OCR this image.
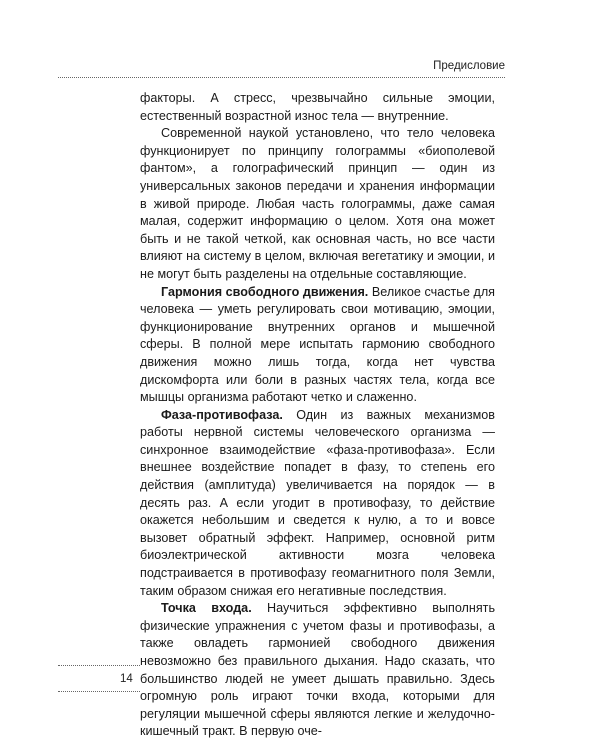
Предисловие

факторы. А стресс, чрезвычайно сильные эмоции, естественный возрастной износ тела — внутренние.

Современной наукой установлено, что тело человека функционирует по принципу голограммы «биополевой фантом», а голографический принцип — один из универсальных законов передачи и хранения информации в живой природе. Любая часть голограммы, даже самая малая, содержит информацию о целом. Хотя она может быть и не такой четкой, как основная часть, но все части влияют на систему в целом, включая вегетатику и эмоции, и не могут быть разделены на отдельные составляющие.

Гармония свободного движения. Великое счастье для человека — уметь регулировать свои мотивацию, эмоции, функционирование внутренних органов и мышечной сферы. В полной мере испытать гармонию свободного движения можно лишь тогда, когда нет чувства дискомфорта или боли в разных частях тела, когда все мышцы организма работают четко и слаженно.

Фаза-противофаза. Один из важных механизмов работы нервной системы человеческого организма — синхронное взаимодействие «фаза-противофаза». Если внешнее воздействие попадет в фазу, то степень его действия (амплитуда) увеличивается на порядок — в десять раз. А если угодит в противофазу, то действие окажется небольшим и сведется к нулю, а то и вовсе вызовет обратный эффект. Например, основной ритм биоэлектрической активности мозга человека подстраивается в противофазу геомагнитного поля Земли, таким образом снижая его негативные последствия.

Точка входа. Научиться эффективно выполнять физические упражнения с учетом фазы и противофазы, а также овладеть гармонией свободного движения невозможно без правильного дыхания. Надо сказать, что большинство людей не умеет дышать правильно. Здесь огромную роль играют точки входа, которыми для регуляции мышечной сферы являются легкие и желудочно-кишечный тракт. В первую оче-

14
